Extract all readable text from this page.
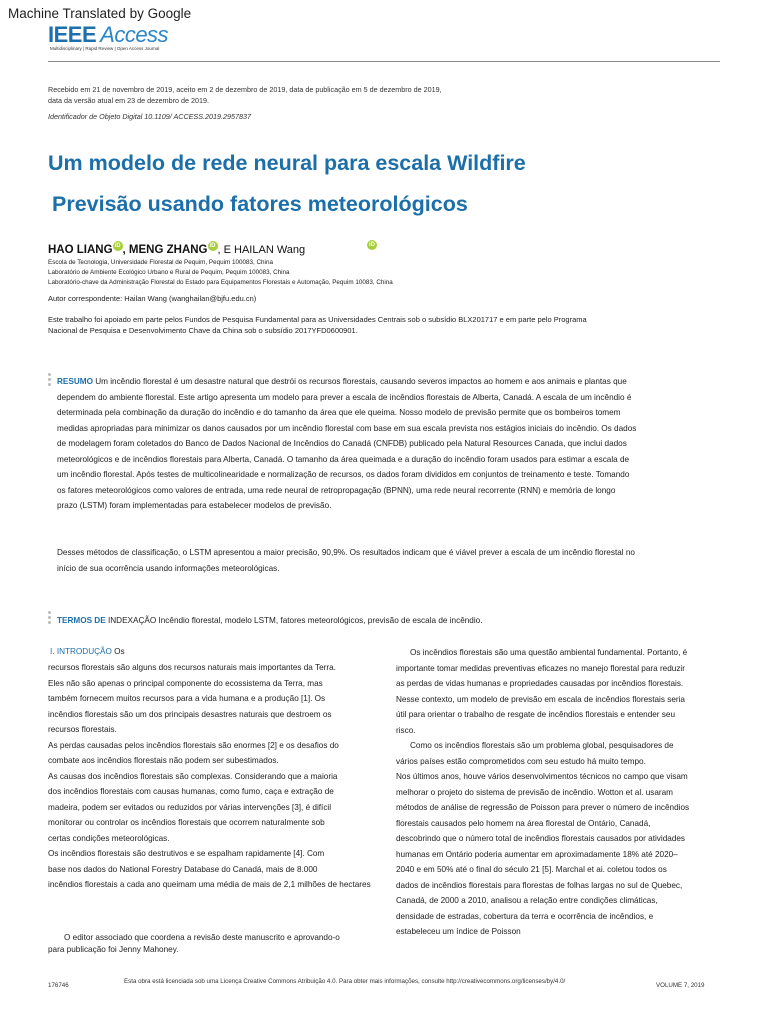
Machine Translated by Google
IEEE Access
Multidisciplinary | Rapid Review | Open Access Journal
Recebido em 21 de novembro de 2019, aceito em 2 de dezembro de 2019, data de publicação em 5 de dezembro de 2019, data da versão atual em 23 de dezembro de 2019.
Identificador de Objeto Digital 10.1109/ ACCESS.2019.2957837
Um modelo de rede neural para escala Wildfire
Previsão usando fatores meteorológicos
HAO LIANG iD , MENG ZHANG iD , E HAILAN Wang	iD
Escola de Tecnologia, Universidade Florestal de Pequim, Pequim 100083, China
Laboratório de Ambiente Ecológico Urbano e Rural de Pequim, Pequim 100083, China
Laboratório-chave da Administração Florestal do Estado para Equipamentos Florestais e Automação, Pequim 10083, China
Autor correspondente: Hailan Wang (wanghailan@bjfu.edu.cn)
Este trabalho foi apoiado em parte pelos Fundos de Pesquisa Fundamental para as Universidades Centrais sob o subsídio BLX201717 e em parte pelo Programa Nacional de Pesquisa e Desenvolvimento Chave da China sob o subsídio 2017YFD0600901.

RESUMO Um incêndio florestal é um desastre natural que destrói os recursos florestais, causando severos impactos ao homem e aos animais e plantas que dependem do ambiente florestal. Este artigo apresenta um modelo para prever a escala de incêndios florestais de Alberta, Canadá. A escala de um incêndio é determinada pela combinação da duração do incêndio e do tamanho da área que ele queima. Nosso modelo de previsão permite que os bombeiros tomem medidas apropriadas para minimizar os danos causados por um incêndio florestal com base em sua escala prevista nos estágios iniciais do incêndio. Os dados de modelagem foram coletados do Banco de Dados Nacional de Incêndios do Canadá (CNFDB) publicado pela Natural Resources Canada, que inclui dados meteorológicos e de incêndios florestais para Alberta, Canadá. O tamanho da área queimada e a duração do incêndio foram usados para estimar a escala de um incêndio florestal. Após testes de multicolinearidade e normalização de recursos, os dados foram divididos em conjuntos de treinamento e teste. Tomando os fatores meteorológicos como valores de entrada, uma rede neural de retropropagação (BPNN), uma rede neural recorrente (RNN) e memória de longo prazo (LSTM) foram implementadas para estabelecer modelos de previsão.

Desses métodos de classificação, o LSTM apresentou a maior precisão, 90,9%. Os resultados indicam que é viável prever a escala de um incêndio florestal no início de sua ocorrência usando informações meteorológicas.
TERMOS DE INDEXAÇÃO Incêndio florestal, modelo LSTM, fatores meteorológicos, previsão de escala de incêndio.
I. INTRODUÇÃO Os
recursos florestais são alguns dos recursos naturais mais importantes da Terra.
Eles não são apenas o principal componente do ecossistema da Terra, mas
também fornecem muitos recursos para a vida humana e a produção [1]. Os
incêndios florestais são um dos principais desastres naturais que destroem os
recursos florestais.
As perdas causadas pelos incêndios florestais são enormes [2] e os desafios do
combate aos incêndios florestais não podem ser subestimados.
As causas dos incêndios florestais são complexas. Considerando que a maioria
dos incêndios florestais com causas humanas, como fumo, caça e extração de
madeira, podem ser evitados ou reduzidos por várias intervenções [3], é difícil
monitorar ou controlar os incêndios florestais que ocorrem naturalmente sob
certas condições meteorológicas.
Os incêndios florestais são destrutivos e se espalham rapidamente [4]. Com
base nos dados do National Forestry Database do Canadá, mais de 8.000
incêndios florestais a cada ano queimam uma média de mais de 2,1 milhões de hectares
Os incêndios florestais são uma questão ambiental fundamental. Portanto, é
importante tomar medidas preventivas eficazes no manejo florestal para reduzir
as perdas de vidas humanas e propriedades causadas por incêndios florestais.
Nesse contexto, um modelo de previsão em escala de incêndios florestais seria
útil para orientar o trabalho de resgate de incêndios florestais e entender seu
risco.
Como os incêndios florestais são um problema global, pesquisadores de
vários países estão comprometidos com seu estudo há muito tempo.
Nos últimos anos, houve vários desenvolvimentos técnicos no campo que visam
melhorar o projeto do sistema de previsão de incêndio. Wotton et al. usaram
métodos de análise de regressão de Poisson para prever o número de incêndios
florestais causados pelo homem na área florestal de Ontário, Canadá,
descobrindo que o número total de incêndios florestais causados por atividades
humanas em Ontário poderia aumentar em aproximadamente 18% até 2020–
2040 e em 50% até o final do século 21 [5]. Marchal et ai. coletou todos os
dados de incêndios florestais para florestas de folhas largas no sul de Quebec,
Canadá, de 2000 a 2010, analisou a relação entre condições climáticas,
densidade de estradas, cobertura da terra e ocorrência de incêndios, e
estabeleceu um índice de Poisson
O editor associado que coordena a revisão deste manuscrito e aprovando-o para publicação foi Jenny Mahoney.
176746
Esta obra está licenciada sob uma Licença Creative Commons Atribuição 4.0. Para obter mais informações, consulte http://creativecommons.org/licenses/by/4.0/
VOLUME 7, 2019
